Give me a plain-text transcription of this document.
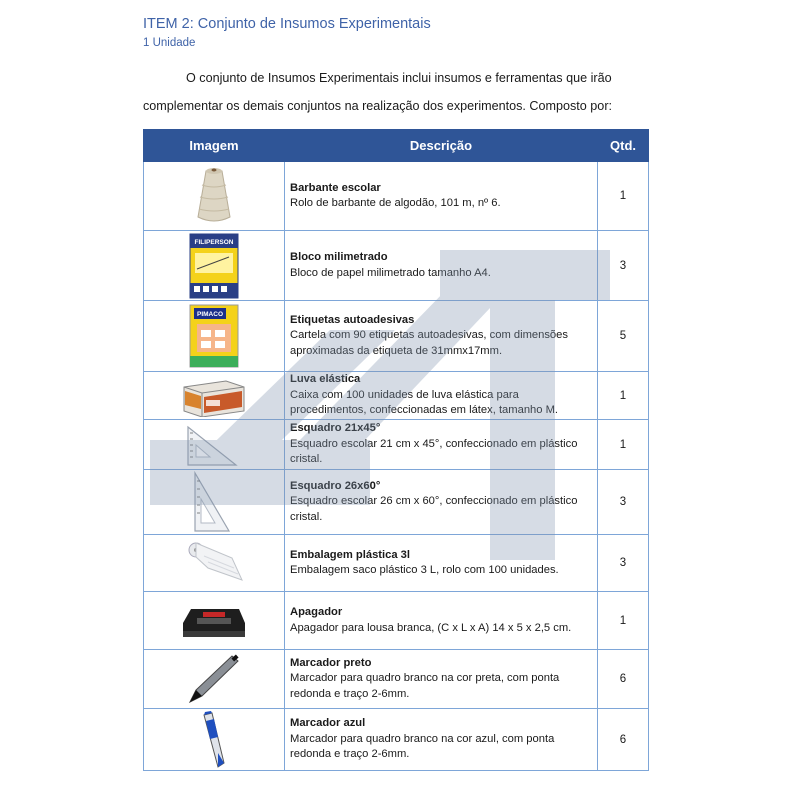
ITEM 2: Conjunto de Insumos Experimentais
1 Unidade
O conjunto de Insumos Experimentais inclui insumos e ferramentas que irão
complementar os demais conjuntos na realização dos experimentos. Composto por:
Imagem	Descrição	Qtd.

Barbante escolar
Rolo de barbante de algodão, 101 m, nº 6.	1

FILIPERSON	Bloco milimetrado
Bloco de papel milimetrado tamanho A4.	3

PIMACO	Etiquetas autoadesivas
Cartela com 90 etiquetas autoadesivas, com dimensões aproximadas da etiqueta de 31mmx17mm.	5

Luva elástica
Caixa com 100 unidades de luva elástica para procedimentos, confeccionadas em látex, tamanho M.	1

Esquadro 21x45°
Esquadro escolar 21 cm x 45°, confeccionado em plástico cristal.	1

Esquadro 26x60°
Esquadro escolar 26 cm x 60°, confeccionado em plástico cristal.	3

Embalagem plástica 3l
Embalagem saco plástico 3 L, rolo com 100 unidades.	3

Apagador
Apagador para lousa branca, (C x L x A) 14 x 5 x 2,5 cm.	1

Marcador preto
Marcador para quadro branco na cor preta, com ponta redonda e traço 2-6mm.	6

Marcador azul
Marcador para quadro branco na cor azul, com ponta redonda e traço 2-6mm.	6
